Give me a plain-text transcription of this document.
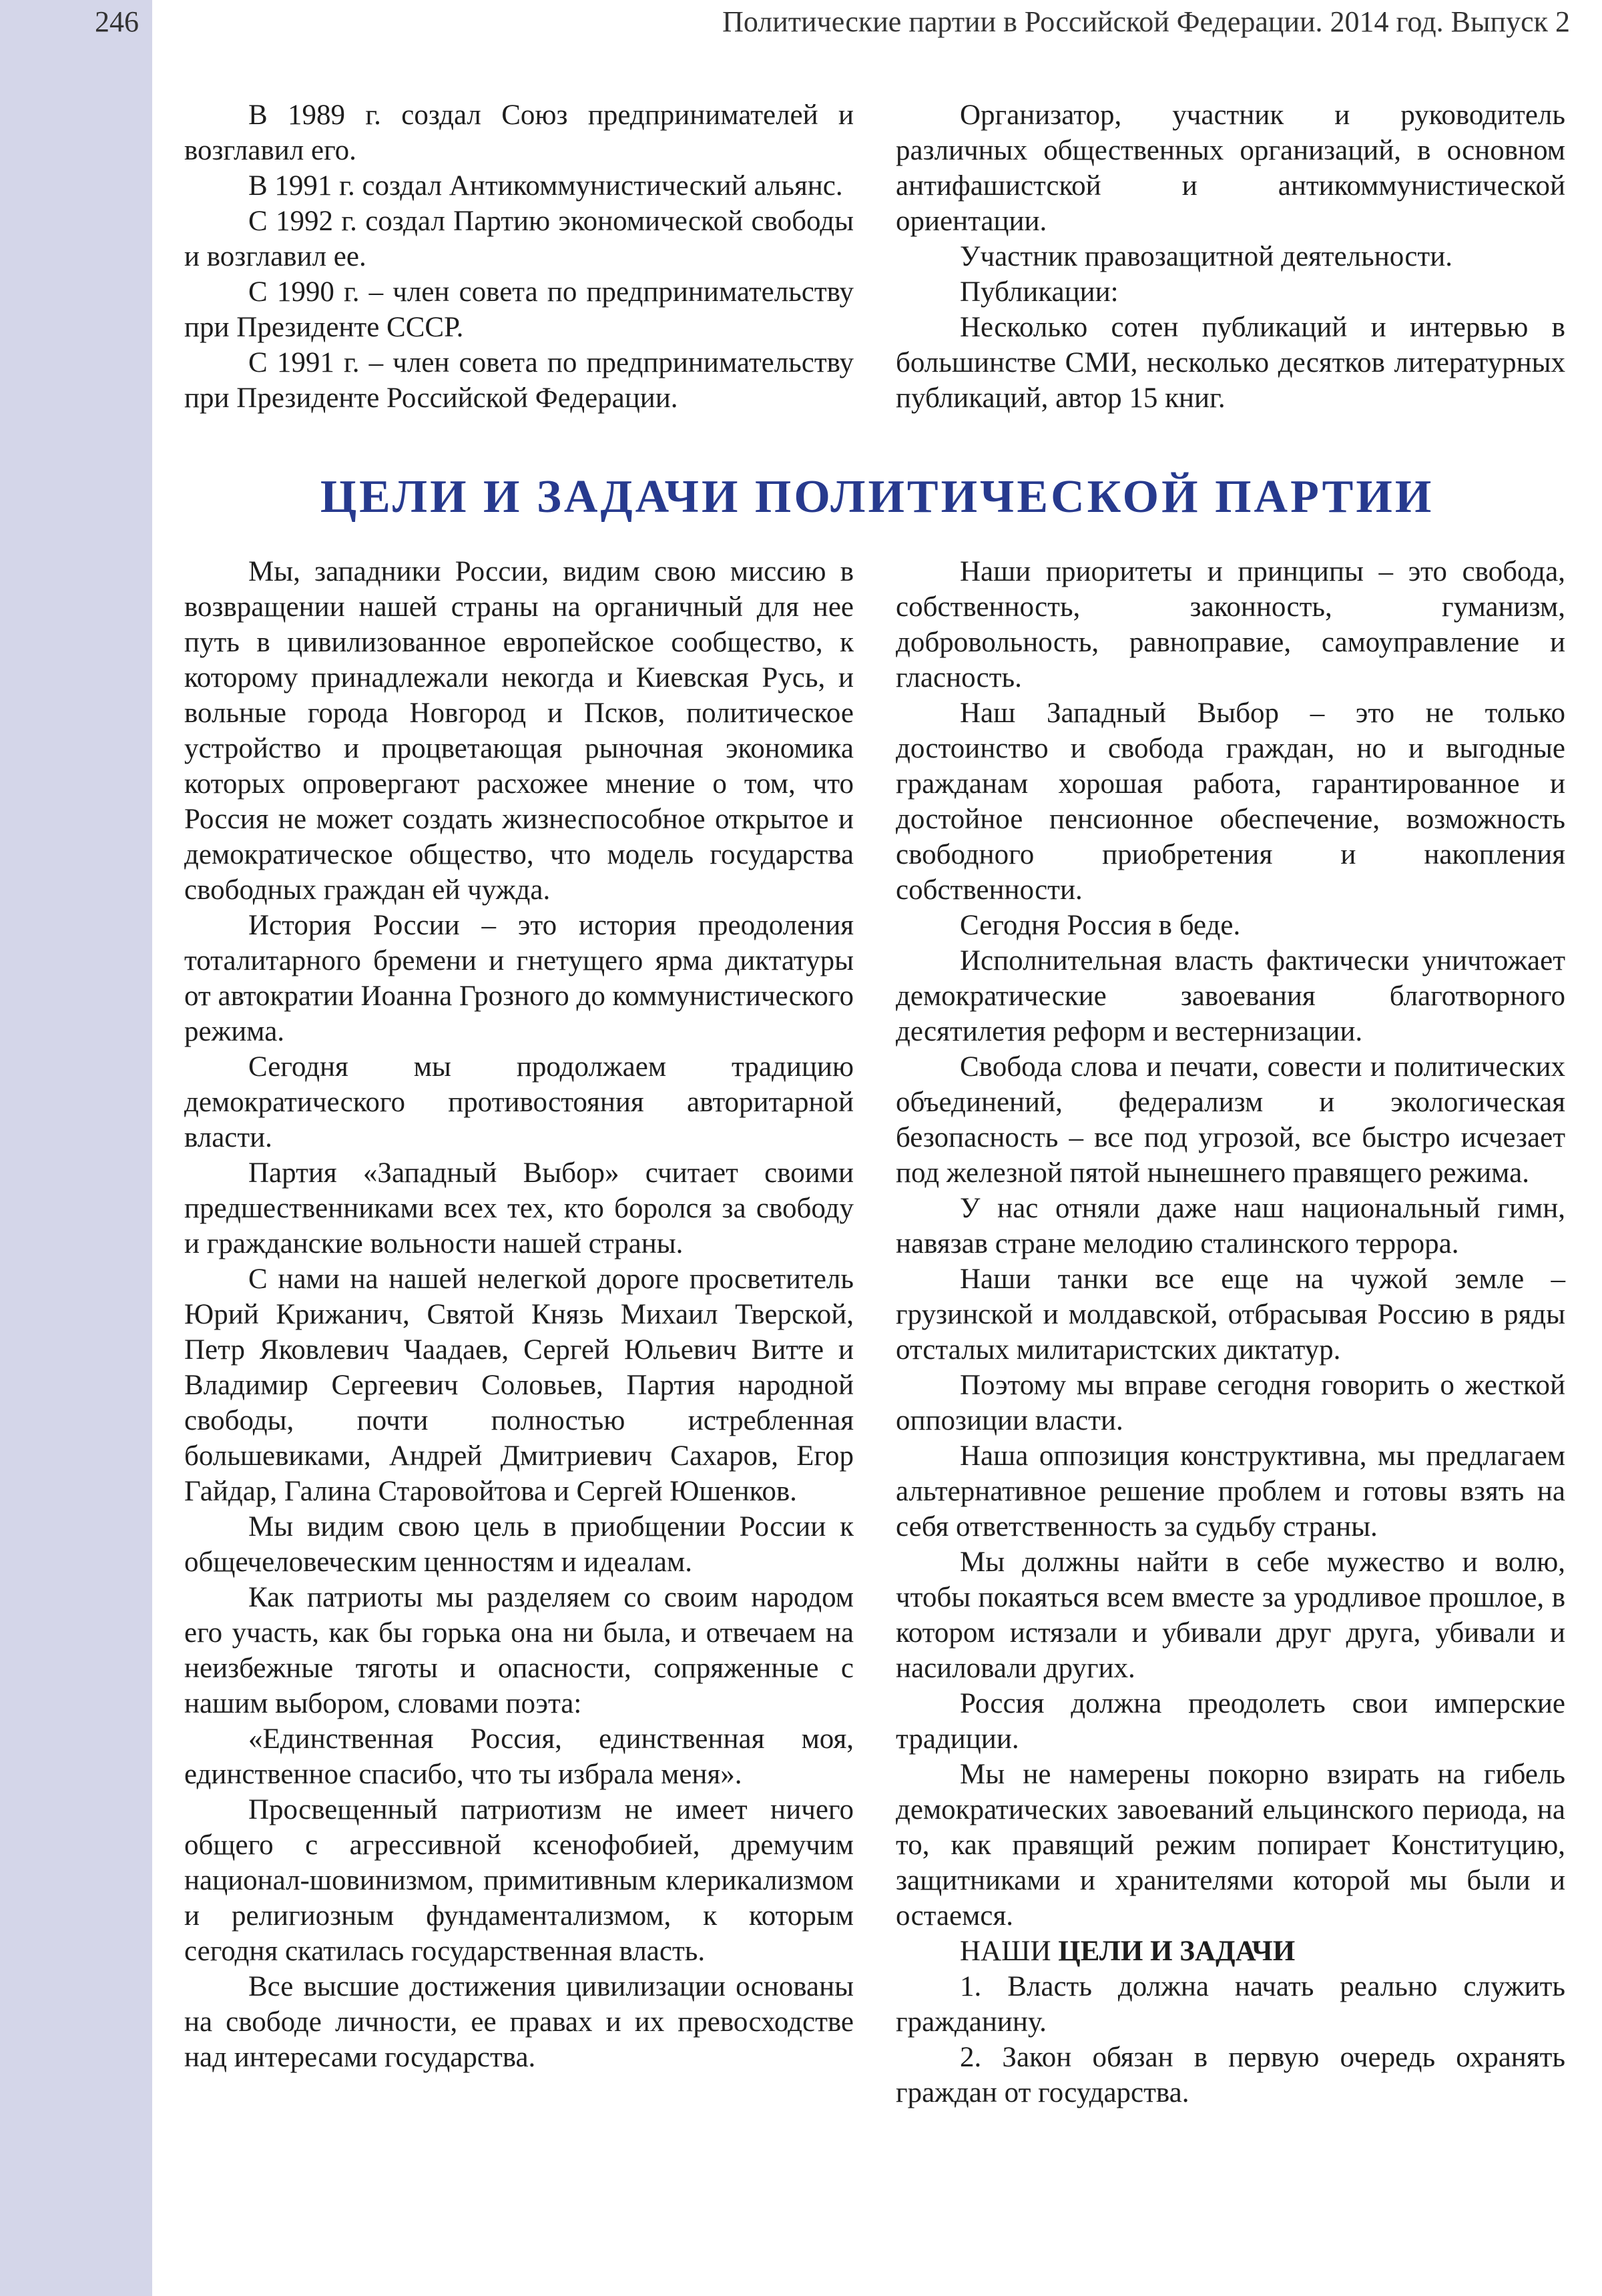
246	Политические партии в Российской Федерации. 2014 год. Выпуск 2

В 1989 г. создал Союз предпринимателей и возглавил его.

В 1991 г. создал Антикоммунистический альянс.

С 1992 г. создал Партию экономической свободы и возглавил ее.

С 1990 г. – член совета по предпринимательству при Президенте СССР.

С 1991 г. – член совета по предпринимательству при Президенте Российской Федерации.

Организатор, участник и руководитель различных общественных организаций, в основном антифашистской и антикоммунистической ориентации.

Участник правозащитной деятельности.

Публикации:

Несколько сотен публикаций и интервью в большинстве СМИ, несколько десятков литературных публикаций, автор 15 книг.

ЦЕЛИ И ЗАДАЧИ ПОЛИТИЧЕСКОЙ ПАРТИИ

Мы, западники России, видим свою миссию в возвращении нашей страны на органичный для нее путь в цивилизованное европейское сообщество, к которому принадлежали некогда и Киевская Русь, и вольные города Новгород и Псков, политическое устройство и процветающая рыночная экономика которых опровергают расхожее мнение о том, что Россия не может создать жизнеспособное открытое и демократическое общество, что модель государства свободных граждан ей чужда.

История России – это история преодоления тоталитарного бремени и гнетущего ярма диктатуры от автократии Иоанна Грозного до коммунистического режима.

Сегодня мы продолжаем традицию демократического противостояния авторитарной власти.

Партия «Западный Выбор» считает своими предшественниками всех тех, кто боролся за свободу и гражданские вольности нашей страны.

С нами на нашей нелегкой дороге просветитель Юрий Крижанич, Святой Князь Михаил Тверской, Петр Яковлевич Чаадаев, Сергей Юльевич Витте и Владимир Сергеевич Соловьев, Партия народной свободы, почти полностью истребленная большевиками, Андрей Дмитриевич Сахаров, Егор Гайдар, Галина Старовойтова и Сергей Юшенков.

Мы видим свою цель в приобщении России к общечеловеческим ценностям и идеалам.

Как патриоты мы разделяем со своим народом его участь, как бы горька она ни была, и отвечаем на неизбежные тяготы и опасности, сопряженные с нашим выбором, словами поэта:

«Единственная Россия, единственная моя, единственное спасибо, что ты избрала меня».

Просвещенный патриотизм не имеет ничего общего с агрессивной ксенофобией, дремучим национал-шовинизмом, примитивным клерикализмом и религиозным фундаментализмом, к которым сегодня скатилась государственная власть.

Все высшие достижения цивилизации основаны на свободе личности, ее правах и их превосходстве над интересами государства.

Наши приоритеты и принципы – это свобода, собственность, законность, гуманизм, добровольность, равноправие, самоуправление и гласность.

Наш Западный Выбор – это не только достоинство и свобода граждан, но и выгодные гражданам хорошая работа, гарантированное и достойное пенсионное обеспечение, возможность свободного приобретения и накопления собственности.

Сегодня Россия в беде.

Исполнительная власть фактически уничтожает демократические завоевания благотворного десятилетия реформ и вестернизации.

Свобода слова и печати, совести и политических объединений, федерализм и экологическая безопасность – все под угрозой, все быстро исчезает под железной пятой нынешнего правящего режима.

У нас отняли даже наш национальный гимн, навязав стране мелодию сталинского террора.

Наши танки все еще на чужой земле – грузинской и молдавской, отбрасывая Россию в ряды отсталых милитаристских диктатур.

Поэтому мы вправе сегодня говорить о жесткой оппозиции власти.

Наша оппозиция конструктивна, мы предлагаем альтернативное решение проблем и готовы взять на себя ответственность за судьбу страны.

Мы должны найти в себе мужество и волю, чтобы покаяться всем вместе за уродливое прошлое, в котором истязали и убивали друг друга, убивали и насиловали других.

Россия должна преодолеть свои имперские традиции.

Мы не намерены покорно взирать на гибель демократических завоеваний ельцинского периода, на то, как правящий режим попирает Конституцию, защитниками и хранителями которой мы были и остаемся.

НАШИ ЦЕЛИ И ЗАДАЧИ

1. Власть должна начать реально служить гражданину.

2. Закон обязан в первую очередь охранять граждан от государства.
